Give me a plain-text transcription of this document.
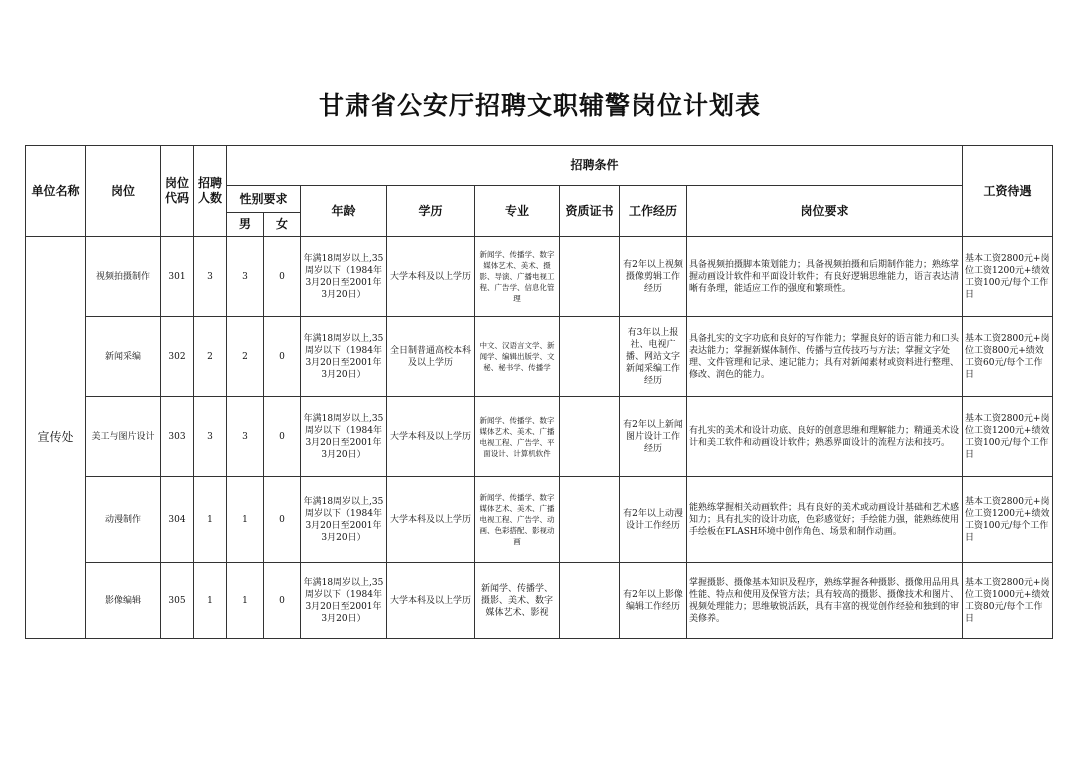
甘肃省公安厅招聘文职辅警岗位计划表
单位名称	岗位	岗位代码	招聘人数	招聘条件								工资待遇
				性别要求		年龄	学历	专业	资质证书	工作经历	岗位要求	
				男	女							
宣传处	视频拍摄制作	301	3	3	0	年满18周岁以上,35周岁以下（1984年3月20日至2001年3月20日）	大学本科及以上学历	新闻学、传播学、数字媒体艺术、美术、摄影、导演、广播电视工程、广告学、信息化管理		有2年以上视频摄像剪辑工作经历	具备视频拍摄脚本策划能力；具备视频拍摄和后期制作能力；熟练掌握动画设计软件和平面设计软件；有良好逻辑思维能力，语言表达清晰有条理，能适应工作的强度和繁琐性。	基本工资2800元+岗位工资1200元+绩效工资100元/每个工作日
	新闻采编	302	2	2	0	年满18周岁以上,35周岁以下（1984年3月20日至2001年3月20日）	全日制普通高校本科及以上学历	中文、汉语言文学、新闻学、编辑出版学、文秘、秘书学、传播学		有3年以上报社、电视广播、网站文字新闻采编工作经历	具备扎实的文字功底和良好的写作能力；掌握良好的语言能力和口头表达能力；掌握新媒体制作、传播与宣传技巧与方法；掌握文字处理、文件管理和记录、速记能力；具有对新闻素材或资料进行整理、修改、润色的能力。	基本工资2800元+岗位工资800元+绩效工资60元/每个工作日
	美工与图片设计	303	3	3	0	年满18周岁以上,35周岁以下（1984年3月20日至2001年3月20日）	大学本科及以上学历	新闻学、传播学、数字媒体艺术、美术、广播电视工程、广告学、平面设计、计算机软件		有2年以上新闻图片设计工作经历	有扎实的美术和设计功底、良好的创意思维和理解能力；精通美术设计和美工软件和动画设计软件；熟悉界面设计的流程方法和技巧。	基本工资2800元+岗位工资1200元+绩效工资100元/每个工作日
	动漫制作	304	1	1	0	年满18周岁以上,35周岁以下（1984年3月20日至2001年3月20日）	大学本科及以上学历	新闻学、传播学、数字媒体艺术、美术、广播电视工程、广告学、动画、色彩搭配、影视动画		有2年以上动漫设计工作经历	能熟练掌握相关动画软件；具有良好的美术或动画设计基础和艺术感知力；具有扎实的设计功底，色彩感觉好；手绘能力强，能熟练使用手绘板在FLASH环境中创作角色、场景和制作动画。	基本工资2800元+岗位工资1200元+绩效工资100元/每个工作日
	影像编辑	305	1	1	0	年满18周岁以上,35周岁以下（1984年3月20日至2001年3月20日）	大学本科及以上学历	新闻学、传播学、摄影、美术、数字媒体艺术、影视		有2年以上影像编辑工作经历	掌握摄影、摄像基本知识及程序，熟练掌握各种摄影、摄像用品用具性能、特点和使用及保管方法；具有较高的摄影、摄像技术和图片、视频处理能力；思维敏锐活跃，具有丰富的视觉创作经验和独到的审美修养。	基本工资2800元+岗位工资1000元+绩效工资80元/每个工作日
